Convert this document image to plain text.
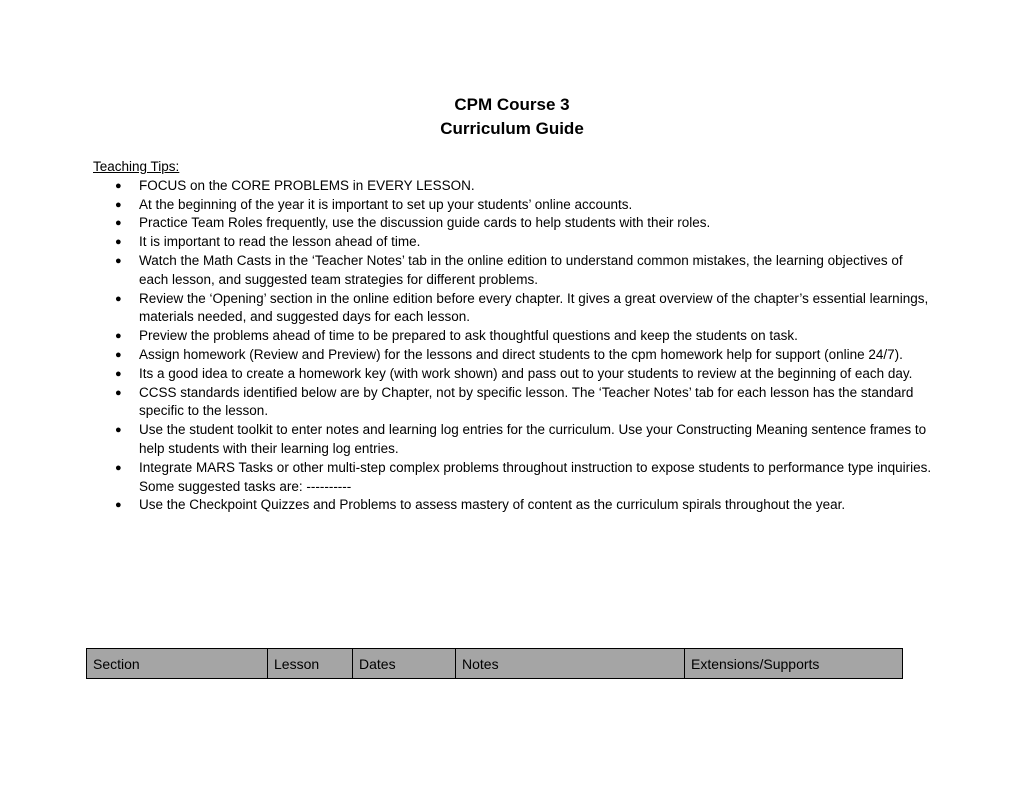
CPM Course 3
Curriculum Guide
Teaching Tips:
● FOCUS on the CORE PROBLEMS in EVERY LESSON.
● At the beginning of the year it is important to set up your students’ online accounts.
● Practice Team Roles frequently, use the discussion guide cards to help students with their roles.
● It is important to read the lesson ahead of time.
● Watch the Math Casts in the ‘Teacher Notes’ tab in the online edition to understand common mistakes, the learning objectives of each lesson, and suggested team strategies for different problems.
● Review the ‘Opening’ section in the online edition before every chapter. It gives a great overview of the chapter’s essential learnings, materials needed, and suggested days for each lesson.
● Preview the problems ahead of time to be prepared to ask thoughtful questions and keep the students on task.
● Assign homework (Review and Preview) for the lessons and direct students to the cpm homework help for support (online 24/7).
● Its a good idea to create a homework key (with work shown) and pass out to your students to review at the beginning of each day.
● CCSS standards identified below are by Chapter, not by specific lesson. The ‘Teacher Notes’ tab for each lesson has the standard specific to the lesson.
● Use the student toolkit to enter notes and learning log entries for the curriculum. Use your Constructing Meaning sentence frames to help students with their learning log entries.
● Integrate MARS Tasks or other multi-step complex problems throughout instruction to expose students to performance type inquiries. Some suggested tasks are: ----------
● Use the Checkpoint Quizzes and Problems to assess mastery of content as the curriculum spirals throughout the year.
Section	Lesson	Dates	Notes	Extensions/Supports
